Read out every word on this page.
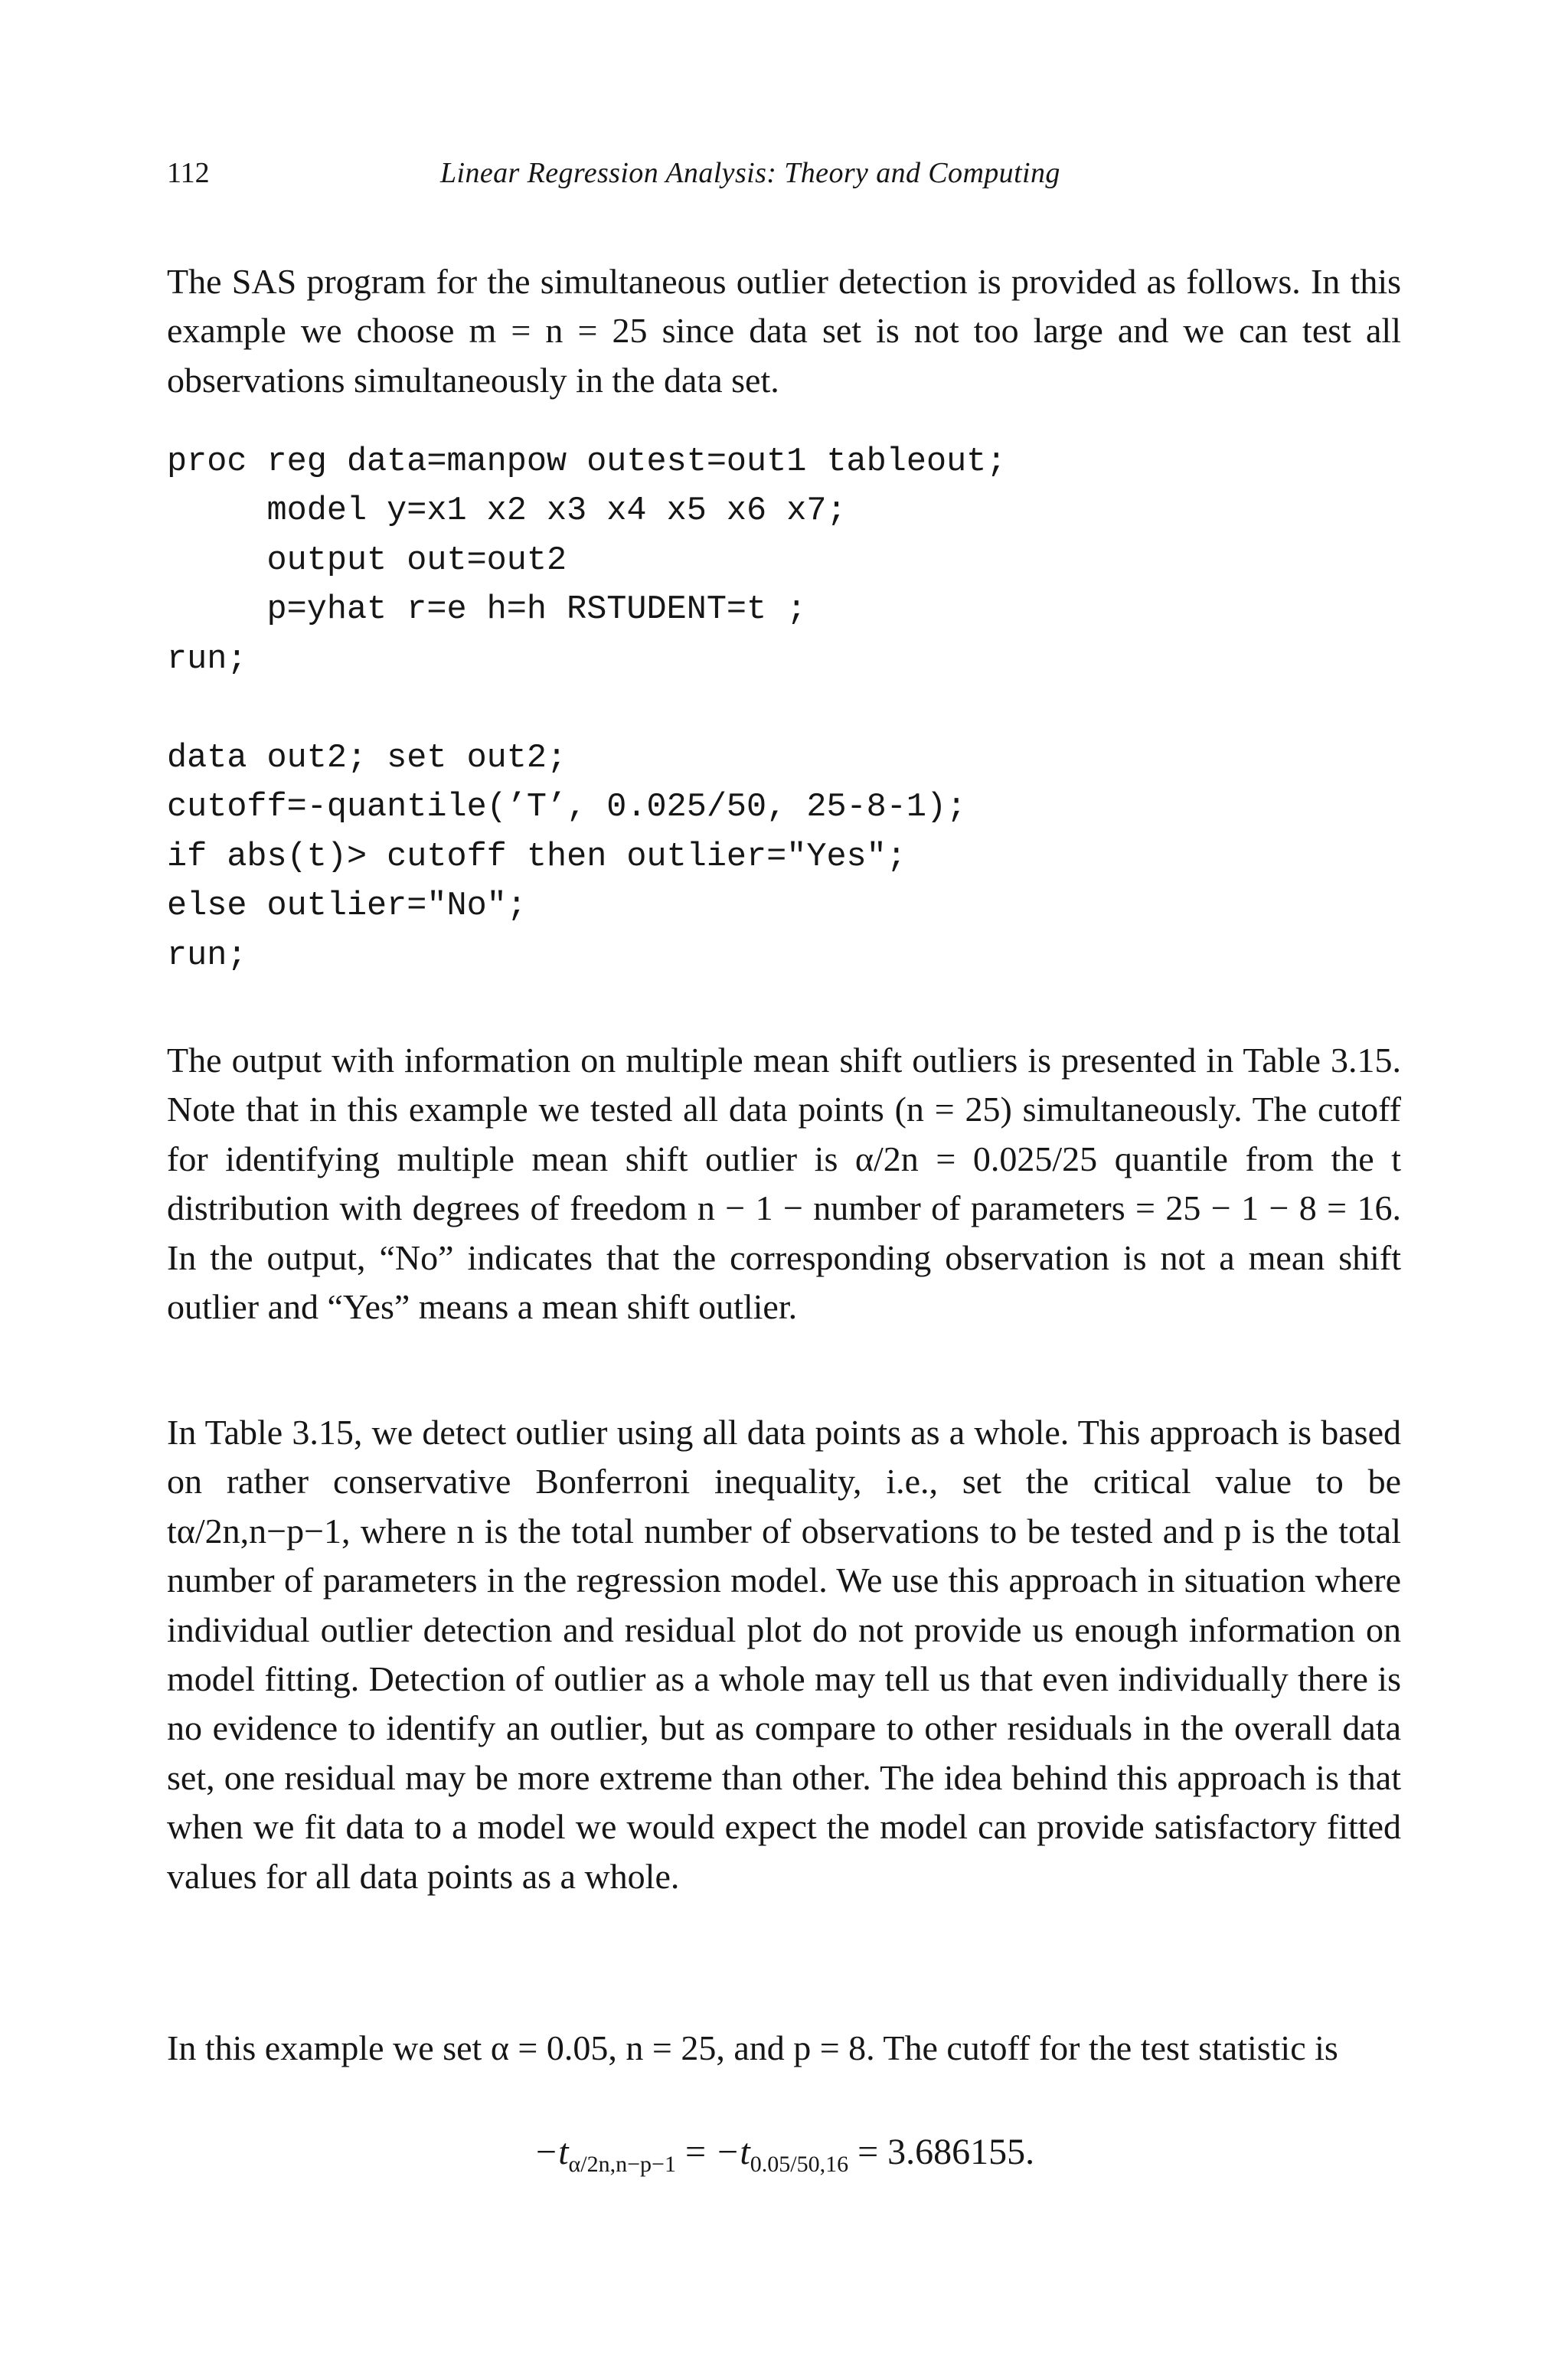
112	Linear Regression Analysis: Theory and Computing

The SAS program for the simultaneous outlier detection is provided as follows. In this example we choose m = n = 25 since data set is not too large and we can test all observations simultaneously in the data set.

proc reg data=manpow outest=out1 tableout;
model y=x1 x2 x3 x4 x5 x6 x7;
output out=out2
p=yhat r=e h=h RSTUDENT=t ;
run;
data out2; set out2;
cutoff=-quantile(’T’, 0.025/50, 25-8-1);
if abs(t)> cutoff then outlier="Yes";
else outlier="No";
run;

The output with information on multiple mean shift outliers is presented in Table 3.15. Note that in this example we tested all data points (n = 25) simultaneously. The cutoff for identifying multiple mean shift outlier is α/2n = 0.025/25 quantile from the t distribution with degrees of freedom n − 1 − number of parameters = 25 − 1 − 8 = 16. In the output, “No” indicates that the corresponding observation is not a mean shift outlier and “Yes” means a mean shift outlier.

In Table 3.15, we detect outlier using all data points as a whole. This approach is based on rather conservative Bonferroni inequality, i.e., set the critical value to be tα/2n,n−p−1, where n is the total number of observations to be tested and p is the total number of parameters in the regression model. We use this approach in situation where individual outlier detection and residual plot do not provide us enough information on model fitting. Detection of outlier as a whole may tell us that even individually there is no evidence to identify an outlier, but as compare to other residuals in the overall data set, one residual may be more extreme than other. The idea behind this approach is that when we fit data to a model we would expect the model can provide satisfactory fitted values for all data points as a whole.

In this example we set α = 0.05, n = 25, and p = 8. The cutoff for the test statistic is

$-t_{\alpha/2n,n-p-1} = -t_{0.05/50,16} = 3.686155$.
